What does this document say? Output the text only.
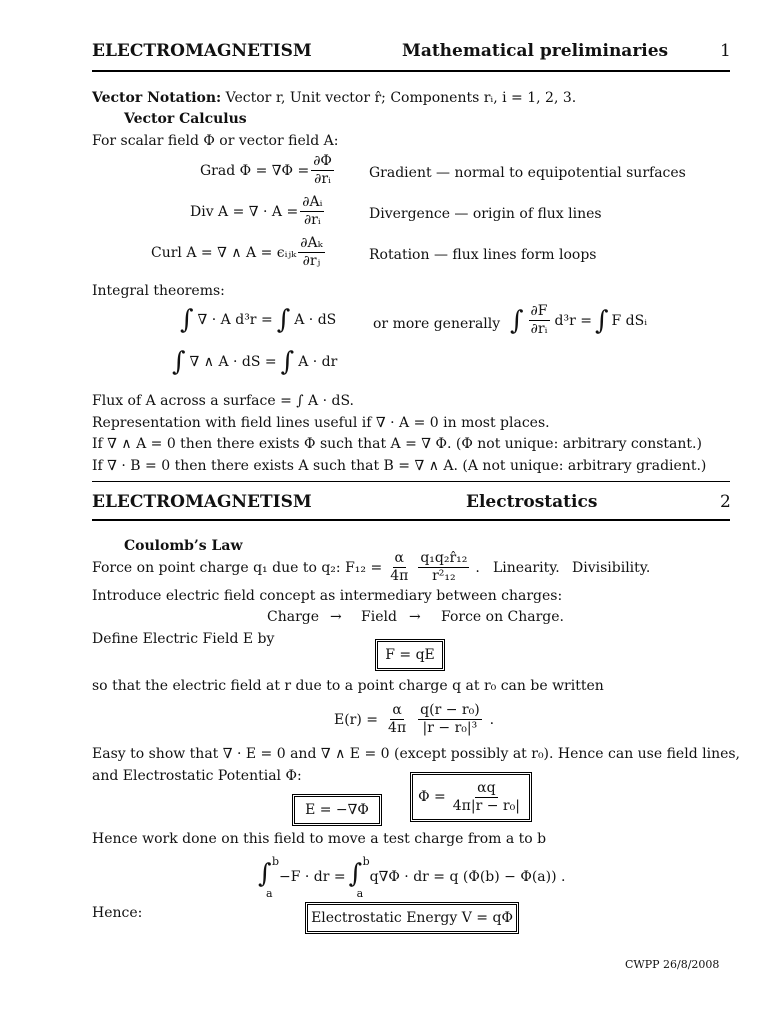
ELECTROMAGNETISM	Mathematical preliminaries	1
Vector Notation: Vector r, Unit vector r̂; Components rᵢ, i = 1, 2, 3.
Vector Calculus
For scalar field Φ or vector field A:
Grad $\Phi = \nabla\Phi = \frac{\partial\Phi}{\text{∂rᵢ}}$	Gradient — normal to equipotential surfaces
Div A = ∇ · $A = \frac{\text{∂Aᵢ}}{\text{∂rᵢ}}$	Divergence — origin of flux lines
Curl A = ∇ ∧ A = ϵᵢⱼₖ $\frac{\text{∂Aₖ}}{\text{∂rⱼ}}$	Rotation — flux lines form loops
Integral theorems:
∫ ∇ · A d³r = ∫ A · dS	or more generally ∫ $\frac{\partial F}{\text{∂rᵢ}} d^3r$ = ∫ F dSᵢ
∫ ∇ ∧ A · dS = ∫ A · dr
Flux of A across a surface = ∫ A · dS.
Representation with field lines useful if ∇ · A = 0 in most places.
If ∇ ∧ A = 0 then there exists Φ such that A = ∇ Φ. (Φ not unique: arbitrary constant.)
If ∇ · B = 0 then there exists A such that B = ∇ ∧ A. (A not unique: arbitrary gradient.)
ELECTROMAGNETISM	Electrostatics	2
Coulomb’s Law
Force on point charge q₁ due to q₂: $F_{12} = \frac{\alpha}{4\pi} \frac{\text{q₁q₂r̂₁₂}}{\text{r²₁₂}}$ . Linearity. Divisibility.
Introduce electric field concept as intermediary between charges:
Charge → Field → Force on Charge.
Define Electric Field E by
F = qE
so that the electric field at r due to a point charge q at r₀ can be written
$E(r) = \frac{\alpha}{4\pi} \frac{\text{q(r − r₀)}}{\text{|r − r₀|³}}$ .
Easy to show that ∇ · E = 0 and ∇ ∧ E = 0 (except possibly at r₀). Hence can use field lines,
and Electrostatic Potential Φ:
E = −∇Φ
$\Phi = \frac{\alpha q}{\text{4π|r − r₀|}}$
Hence work done on this field to move a test charge from a to b
∫ b
a
−F · dr = ∫ b
a
q∇Φ · dr = q (Φ(b) − Φ(a)) .
Hence:	Electrostatic Energy V = qΦ
CWPP 26/8/2008
